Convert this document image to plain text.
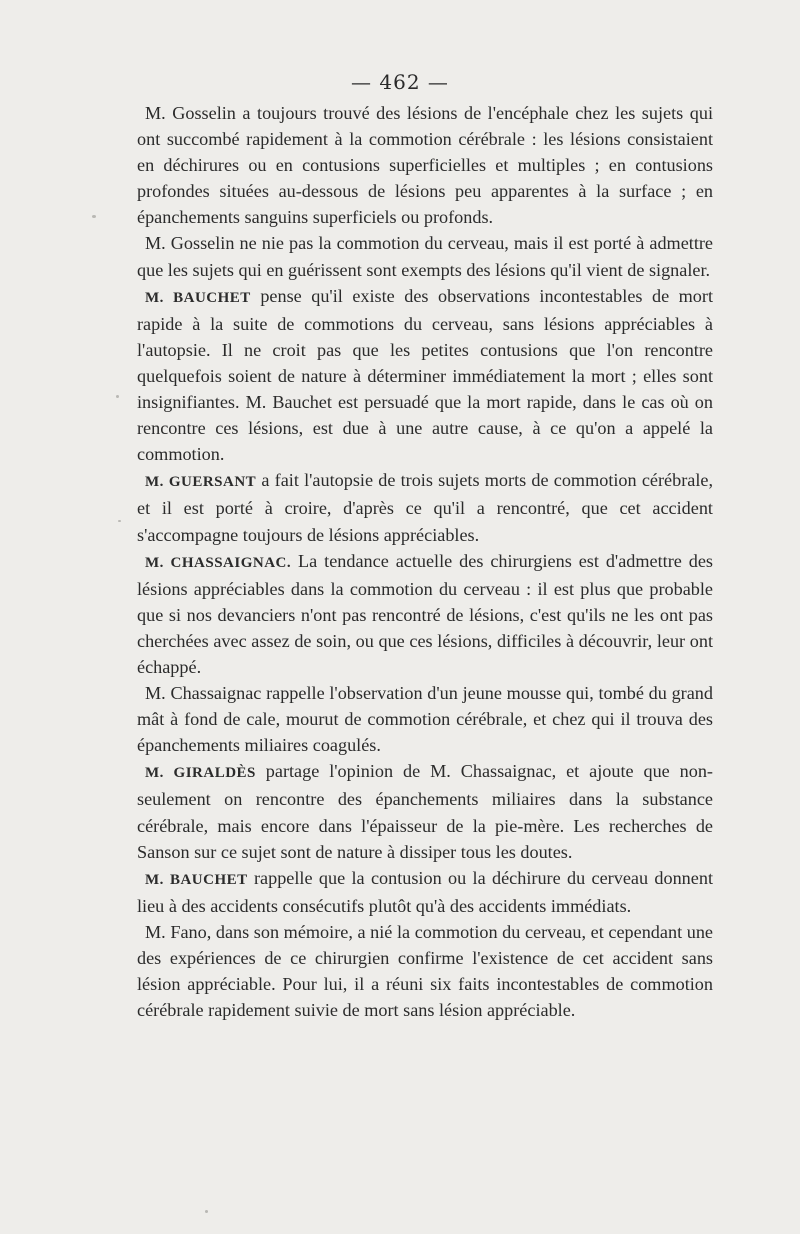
— 462 —

M. Gosselin a toujours trouvé des lésions de l'encéphale chez les sujets qui ont succombé rapidement à la commotion cérébrale : les lésions consistaient en déchirures ou en contusions superficielles et multiples ; en contusions profondes situées au-dessous de lésions peu apparentes à la surface ; en épanchements sanguins superficiels ou profonds.

M. Gosselin ne nie pas la commotion du cerveau, mais il est porté à admettre que les sujets qui en guérissent sont exempts des lésions qu'il vient de signaler.

M. BAUCHET pense qu'il existe des observations incontestables de mort rapide à la suite de commotions du cerveau, sans lésions appréciables à l'autopsie. Il ne croit pas que les petites contusions que l'on rencontre quelquefois soient de nature à déterminer immédiatement la mort ; elles sont insignifiantes. M. Bauchet est persuadé que la mort rapide, dans le cas où on rencontre ces lésions, est due à une autre cause, à ce qu'on a appelé la commotion.

M. GUERSANT a fait l'autopsie de trois sujets morts de commotion cérébrale, et il est porté à croire, d'après ce qu'il a rencontré, que cet accident s'accompagne toujours de lésions appréciables.

M. CHASSAIGNAC. La tendance actuelle des chirurgiens est d'admettre des lésions appréciables dans la commotion du cerveau : il est plus que probable que si nos devanciers n'ont pas rencontré de lésions, c'est qu'ils ne les ont pas cherchées avec assez de soin, ou que ces lésions, difficiles à découvrir, leur ont échappé.

M. Chassaignac rappelle l'observation d'un jeune mousse qui, tombé du grand mât à fond de cale, mourut de commotion cérébrale, et chez qui il trouva des épanchements miliaires coagulés.

M. GIRALDÈS partage l'opinion de M. Chassaignac, et ajoute que non-seulement on rencontre des épanchements miliaires dans la substance cérébrale, mais encore dans l'épaisseur de la pie-mère. Les recherches de Sanson sur ce sujet sont de nature à dissiper tous les doutes.

M. BAUCHET rappelle que la contusion ou la déchirure du cerveau donnent lieu à des accidents consécutifs plutôt qu'à des accidents immédiats.

M. Fano, dans son mémoire, a nié la commotion du cerveau, et cependant une des expériences de ce chirurgien confirme l'existence de cet accident sans lésion appréciable. Pour lui, il a réuni six faits incontestables de commotion cérébrale rapidement suivie de mort sans lésion appréciable.
